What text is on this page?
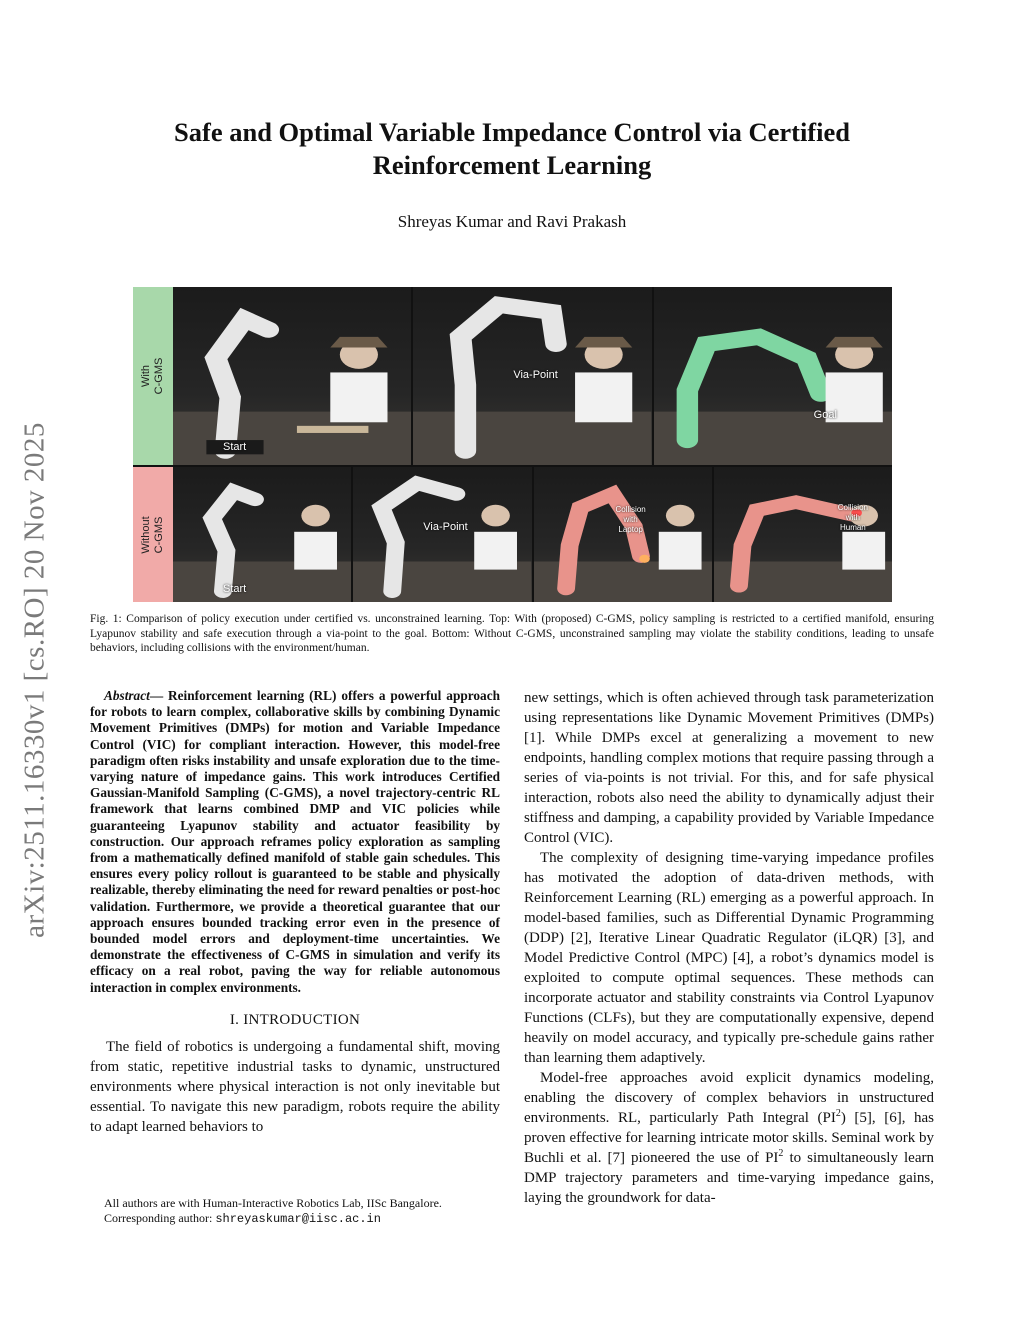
arXiv:2511.16330v1 [cs.RO] 20 Nov 2025
Safe and Optimal Variable Impedance Control via Certified Reinforcement Learning
Shreyas Kumar and Ravi Prakash
With
C-GMS
Without
C-GMS
Start
Via-Point
Goal
Start
Via-Point
Collision
with
Laptop
Collision
with
Human
Fig. 1: Comparison of policy execution under certified vs. unconstrained learning. Top: With (proposed) C-GMS, policy sampling is restricted to a certified manifold, ensuring Lyapunov stability and safe execution through a via-point to the goal. Bottom: Without C-GMS, unconstrained sampling may violate the stability conditions, leading to unsafe behaviors, including collisions with the environment/human.

Abstract— Reinforcement learning (RL) offers a powerful approach for robots to learn complex, collaborative skills by combining Dynamic Movement Primitives (DMPs) for motion and Variable Impedance Control (VIC) for compliant interaction. However, this model-free paradigm often risks instability and unsafe exploration due to the time-varying nature of impedance gains. This work introduces Certified Gaussian-Manifold Sampling (C-GMS), a novel trajectory-centric RL framework that learns combined DMP and VIC policies while guaranteeing Lyapunov stability and actuator feasibility by construction. Our approach reframes policy exploration as sampling from a mathematically defined manifold of stable gain schedules. This ensures every policy rollout is guaranteed to be stable and physically realizable, thereby eliminating the need for reward penalties or post-hoc validation. Furthermore, we provide a theoretical guarantee that our approach ensures bounded tracking error even in the presence of bounded model errors and deployment-time uncertainties. We demonstrate the effectiveness of C-GMS in simulation and verify its efficacy on a real robot, paving the way for reliable autonomous interaction in complex environments.

I. INTRODUCTION

The field of robotics is undergoing a fundamental shift, moving from static, repetitive industrial tasks to dynamic, unstructured environments where physical interaction is not only inevitable but essential. To navigate this new paradigm, robots require the ability to adapt learned behaviors to

All authors are with Human-Interactive Robotics Lab, IISc Bangalore.
Corresponding author: shreyaskumar@iisc.ac.in

new settings, which is often achieved through task parameterization using representations like Dynamic Movement Primitives (DMPs) [1]. While DMPs excel at generalizing a movement to new endpoints, handling complex motions that require passing through a series of via-points is not trivial. For this, and for safe physical interaction, robots also need the ability to dynamically adjust their stiffness and damping, a capability provided by Variable Impedance Control (VIC).

The complexity of designing time-varying impedance profiles has motivated the adoption of data-driven methods, with Reinforcement Learning (RL) emerging as a powerful approach. In model-based families, such as Differential Dynamic Programming (DDP) [2], Iterative Linear Quadratic Regulator (iLQR) [3], and Model Predictive Control (MPC) [4], a robot’s dynamics model is exploited to compute optimal sequences. These methods can incorporate actuator and stability constraints via Control Lyapunov Functions (CLFs), but they are computationally expensive, depend heavily on model accuracy, and typically pre-schedule gains rather than learning them adaptively.

Model-free approaches avoid explicit dynamics modeling, enabling the discovery of complex behaviors in unstructured environments. RL, particularly Path Integral $(PI^2)$ [5], [6], has proven effective for learning intricate motor skills. Seminal work by Buchli et al. [7] pioneered the use of $PI^2$ to simultaneously learn DMP trajectory parameters and time-varying impedance gains, laying the groundwork for data-
